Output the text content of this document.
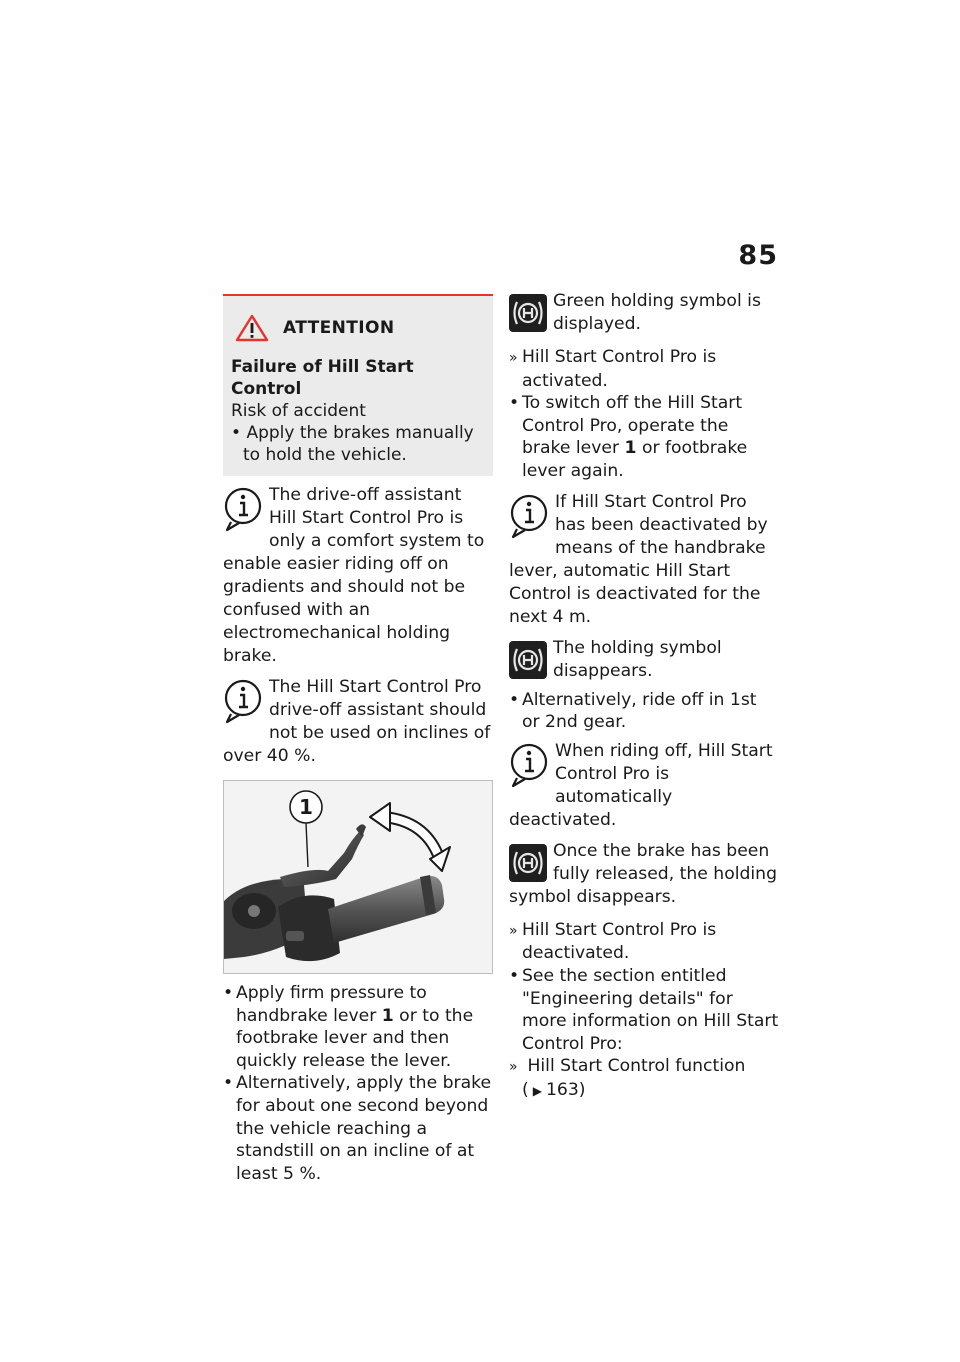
85
ATTENTION
Failure of Hill Start Control
Risk of accident
• Apply the brakes manually to hold the vehicle.
The drive-off assistant Hill Start Control Pro is only a comfort system to enable easier riding off on gradients and should not be confused with an electromechanical holding brake.
The Hill Start Control Pro drive-off assistant should not be used on inclines of over 40 %.
1
• Apply firm pressure to handbrake lever 1 or to the footbrake lever and then quickly release the lever.
• Alternatively, apply the brake for about one second beyond the vehicle reaching a standstill on an incline of at least 5 %.
Green holding symbol is displayed.
» Hill Start Control Pro is activated.
• To switch off the Hill Start Control Pro, operate the brake lever 1 or footbrake lever again.
If Hill Start Control Pro has been deactivated by means of the handbrake lever, automatic Hill Start Control is deactivated for the next 4 m.
The holding symbol disappears.
• Alternatively, ride off in 1st or 2nd gear.
When riding off, Hill Start Control Pro is automatically deactivated.
Once the brake has been fully released, the holding symbol disappears.
» Hill Start Control Pro is deactivated.
• See the section entitled "Engineering details" for more information on Hill Start Control Pro:
» Hill Start Control function
( ▶ 163)
